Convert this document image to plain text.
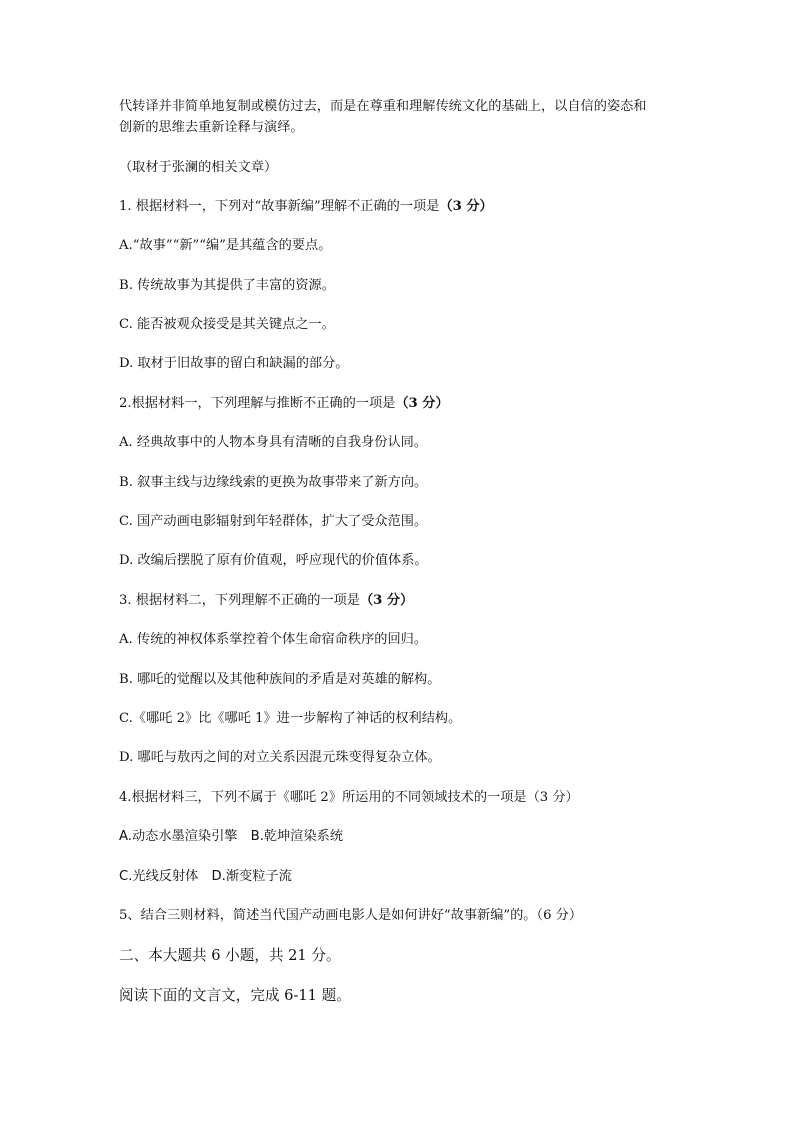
代转译并非简单地复制或模仿过去，而是在尊重和理解传统文化的基础上，以自信的姿态和
创新的思维去重新诠释与演绎。
（取材于张澜的相关文章）
1. 根据材料一，下列对“故事新编”理解不正确的一项是（3 分）
A.“故事”“新”“编”是其蕴含的要点。
B. 传统故事为其提供了丰富的资源。
C. 能否被观众接受是其关键点之一。
D. 取材于旧故事的留白和缺漏的部分。
2.根据材料一，下列理解与推断不正确的一项是（3 分）
A. 经典故事中的人物本身具有清晰的自我身份认同。
B. 叙事主线与边缘线索的更换为故事带来了新方向。
C. 国产动画电影辐射到年轻群体，扩大了受众范围。
D. 改编后摆脱了原有价值观，呼应现代的价值体系。
3. 根据材料二，下列理解不正确的一项是（3 分）
A. 传统的神权体系掌控着个体生命宿命秩序的回归。
B. 哪吒的觉醒以及其他种族间的矛盾是对英雄的解构。
C.《哪吒 2》比《哪吒 1》进一步解构了神话的权利结构。
D. 哪吒与敖丙之间的对立关系因混元珠变得复杂立体。
4.根据材料三，下列不属于《哪吒 2》所运用的不同领域技术的一项是（3 分）
A.动态水墨渲染引擎　B.乾坤渲染系统
C.光线反射体　D.渐变粒子流
5、结合三则材料，简述当代国产动画电影人是如何讲好“故事新编”的。（6 分）
二、本大题共 6 小题，共 21 分。
阅读下面的文言文，完成 6-11 题。
